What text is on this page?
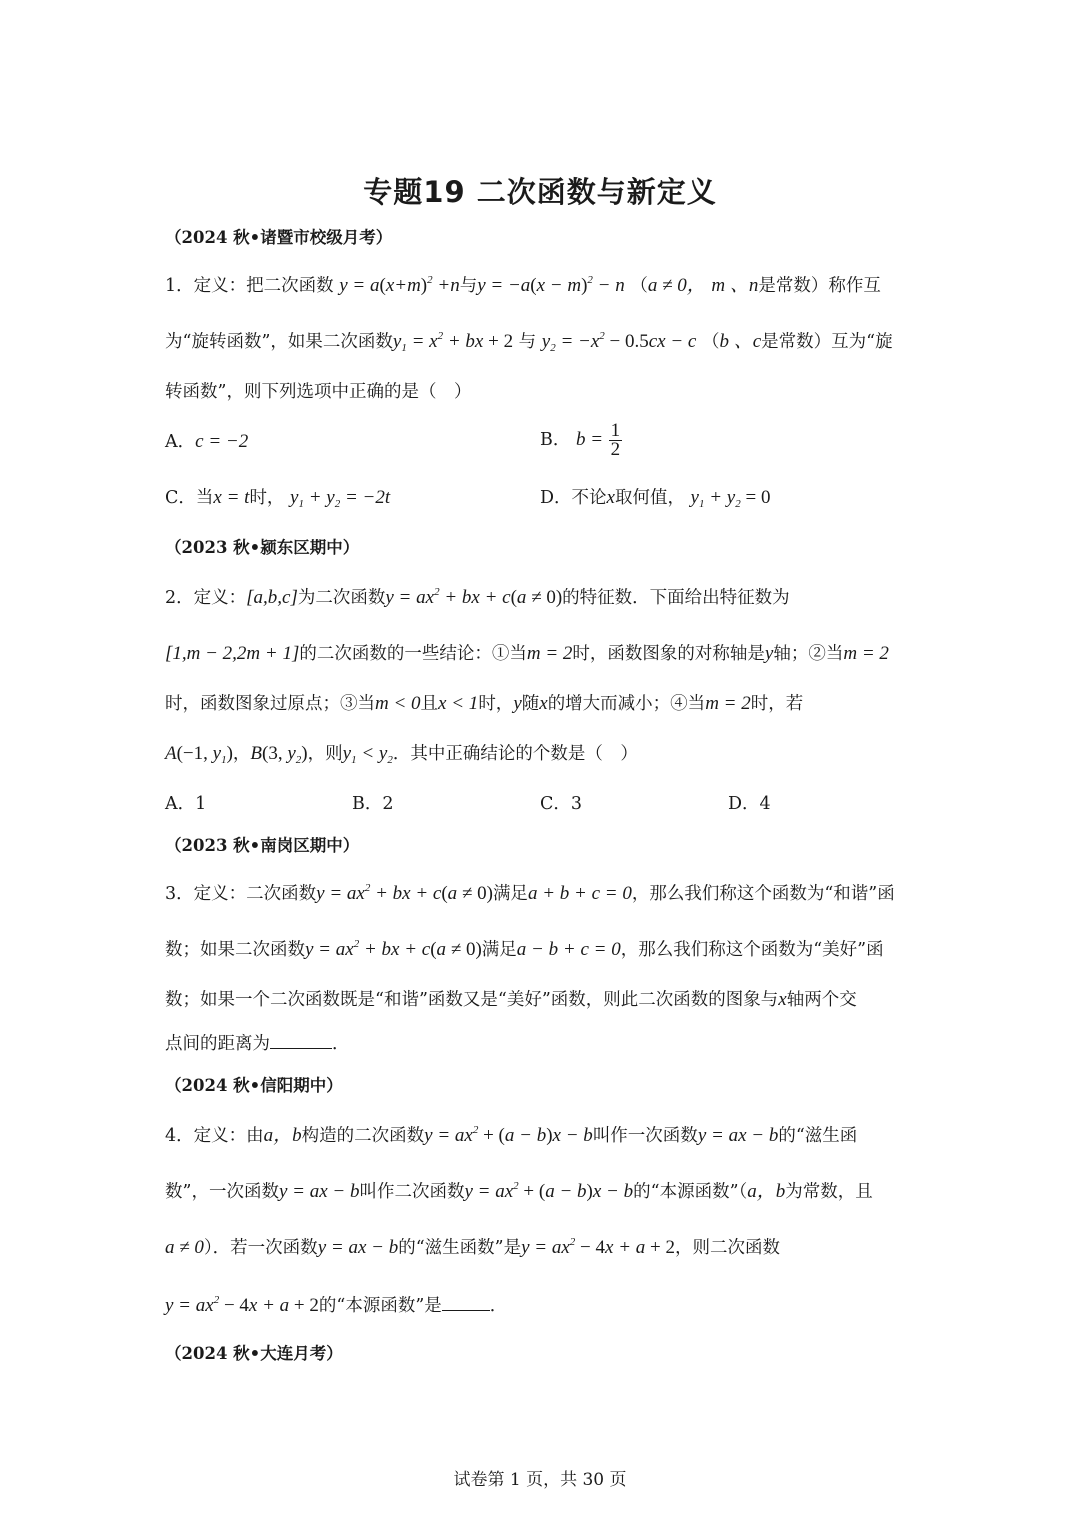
专题19 二次函数与新定义
（2024 秋•诸暨市校级月考）
1．定义：把二次函数 $y = a(x+m)^2 +n$与$y = -a(x - m)^2 - n$ （a ≠ 0， m 、n是常数）称作互
为“旋转函数”，如果二次函数$y_1 = x^2$ + bx + 2 与 $y_2 = -x^2 - 0.5cx - c$ （b 、c是常数）互为“旋
转函数”，则下列选项中正确的是（　）
A．c = −2	B． $b = \frac{1}{2}$
C．当x = t时， $y_1 + y_2 = -2t$	D．不论x取何值， $y_1 + y_2 = 0$
（2023 秋•颍东区期中）
2．定义：[a,b,c]为二次函数$y = ax^2$ + bx + c(a ≠ 0)的特征数．下面给出特征数为
[1,m − 2,2m + 1]的二次函数的一些结论：①当m = 2时，函数图象的对称轴是y轴；②当m = 2
时，函数图象过原点；③当m < 0且x < 1时，y随x的增大而减小；④当m = 2时，若
A(−1, $y_1$)，B(3, $y_2$)，则$y_1 < y_2$．其中正确结论的个数是（　）
A．1	B．2	C．3	D．4
（2023 秋•南岗区期中）
3．定义：二次函数$y = ax^2$ + bx + c(a ≠ 0)满足a + b + c = 0，那么我们称这个函数为“和谐”函
数；如果二次函数$y = ax^2$ + bx + c(a ≠ 0)满足a − b + c = 0，那么我们称这个函数为“美好”函
数；如果一个二次函数既是“和谐”函数又是“美好”函数，则此二次函数的图象与x轴两个交
点间的距离为	．
（2024 秋•信阳期中）
4．定义：由a，b构造的二次函数$y = ax^2 + (a - b)x - b$叫作一次函数y = ax − b的“滋生函
数”，一次函数y = ax − b叫作二次函数$y = ax^2 + (a - b)x - b$的“本源函数”（a，b为常数，且
a ≠ 0）．若一次函数y = ax − b的“滋生函数”是$y = ax^2 - 4x + a + 2$，则二次函数
$y = ax^2 - 4x + a + 2$的“本源函数”是	．
（2024 秋•大连月考）
试卷第 1 页，共 30 页
